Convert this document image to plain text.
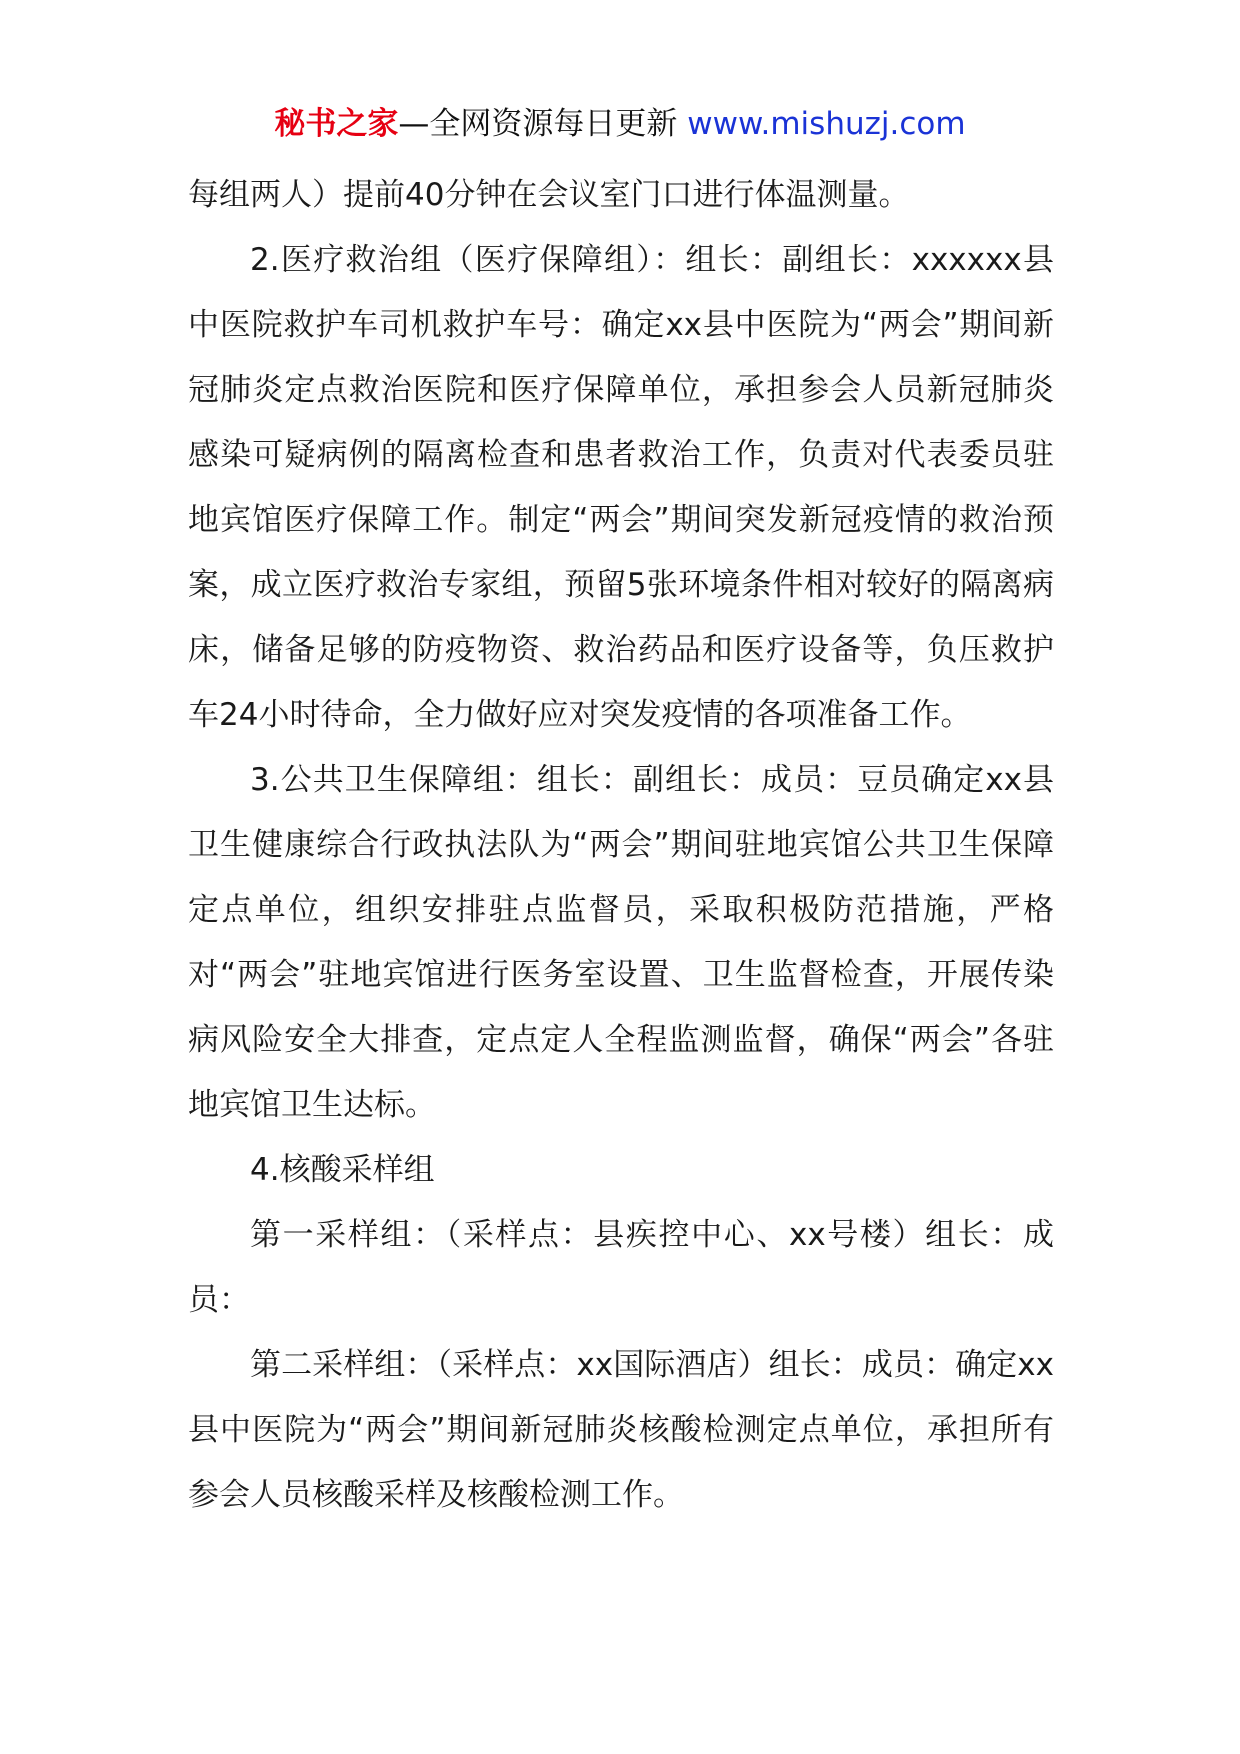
秘书之家—全网资源每日更新 www.mishuzj.com

每组两人）提前40分钟在会议室门口进行体温测量。

2.医疗救治组（医疗保障组）：组长：副组长：xxxxxx县中医院救护车司机救护车号：确定xx县中医院为“两会”期间新冠肺炎定点救治医院和医疗保障单位，承担参会人员新冠肺炎感染可疑病例的隔离检查和患者救治工作，负责对代表委员驻地宾馆医疗保障工作。制定“两会”期间突发新冠疫情的救治预案，成立医疗救治专家组，预留5张环境条件相对较好的隔离病床，储备足够的防疫物资、救治药品和医疗设备等，负压救护车24小时待命，全力做好应对突发疫情的各项准备工作。

3.公共卫生保障组：组长：副组长：成员：豆员确定xx县卫生健康综合行政执法队为“两会”期间驻地宾馆公共卫生保障定点单位，组织安排驻点监督员，采取积极防范措施，严格对“两会”驻地宾馆进行医务室设置、卫生监督检查，开展传染病风险安全大排查，定点定人全程监测监督，确保“两会”各驻地宾馆卫生达标。

4.核酸采样组

第一采样组：（采样点：县疾控中心、xx号楼）组长：成员：

第二采样组：（采样点：xx国际酒店）组长：成员：确定xx县中医院为“两会”期间新冠肺炎核酸检测定点单位，承担所有参会人员核酸采样及核酸检测工作。
